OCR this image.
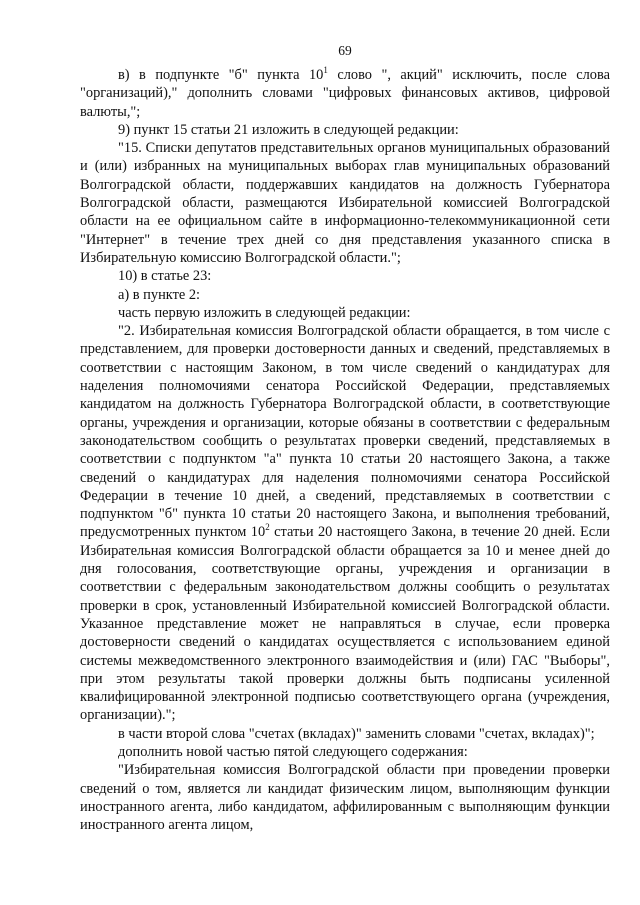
69

в) в подпункте "б" пункта $10^1$ слово ", акций" исключить, после слова "организаций)," дополнить словами "цифровых финансовых активов, цифровой валюты,";

9) пункт 15 статьи 21 изложить в следующей редакции:

"15. Списки депутатов представительных органов муниципальных образований и (или) избранных на муниципальных выборах глав муниципальных образований Волгоградской области, поддержавших кандидатов на должность Губернатора Волгоградской области, размещаются Избирательной комиссией Волгоградской области на ее официальном сайте в информационно-телекоммуникационной сети "Интернет" в течение трех дней со дня представления указанного списка в Избирательную комиссию Волгоградской области.";

10) в статье 23:

а) в пункте 2:

часть первую изложить в следующей редакции:

"2. Избирательная комиссия Волгоградской области обращается, в том числе с представлением, для проверки достоверности данных и сведений, представляемых в соответствии с настоящим Законом, в том числе сведений о кандидатурах для наделения полномочиями сенатора Российской Федерации, представляемых кандидатом на должность Губернатора Волгоградской области, в соответствующие органы, учреждения и организации, которые обязаны в соответствии с федеральным законодательством сообщить о результатах проверки сведений, представляемых в соответствии с подпунктом "а" пункта 10 статьи 20 настоящего Закона, а также сведений о кандидатурах для наделения полномочиями сенатора Российской Федерации в течение 10 дней, а сведений, представляемых в соответствии с подпунктом "б" пункта 10 статьи 20 настоящего Закона, и выполнения требований, предусмотренных пунктом $10^2$ статьи 20 настоящего Закона, в течение 20 дней. Если Избирательная комиссия Волгоградской области обращается за 10 и менее дней до дня голосования, соответствующие органы, учреждения и организации в соответствии с федеральным законодательством должны сообщить о результатах проверки в срок, установленный Избирательной комиссией Волгоградской области. Указанное представление может не направляться в случае, если проверка достоверности сведений о кандидатах осуществляется с использованием единой системы межведомственного электронного взаимодействия и (или) ГАС "Выборы", при этом результаты такой проверки должны быть подписаны усиленной квалифицированной электронной подписью соответствующего органа (учреждения, организации).";

в части второй слова "счетах (вкладах)" заменить словами "счетах, вкладах)";

дополнить новой частью пятой следующего содержания:

"Избирательная комиссия Волгоградской области при проведении проверки сведений о том, является ли кандидат физическим лицом, выполняющим функции иностранного агента, либо кандидатом, аффилированным с выполняющим функции иностранного агента лицом,
